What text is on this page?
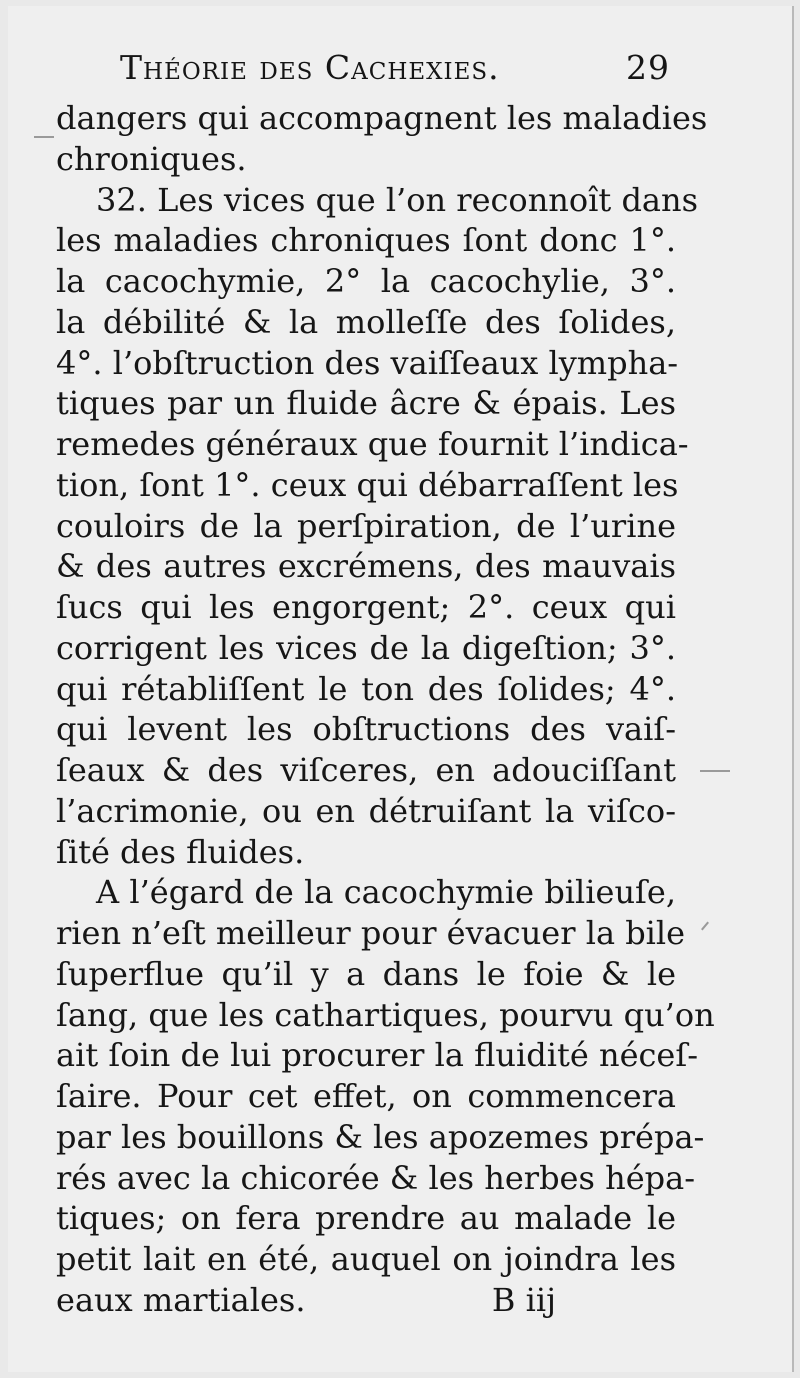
Théorie des Cachexies.	29
dangers qui accompagnent les maladies
chroniques.
32. Les vices que l’on reconnoît dans
les maladies chroniques ſont donc 1°.
la cacochymie, 2° la cacochylie, 3°.
la débilité & la molleſſe des ſolides,
4°. l’obſtruction des vaiſſeaux lympha-
tiques par un fluide âcre & épais. Les
remedes généraux que fournit l’indica-
tion, ſont 1°. ceux qui débarraſſent les
couloirs de la perſpiration, de l’urine
& des autres excrémens, des mauvais
ſucs qui les engorgent; 2°. ceux qui
corrigent les vices de la digeſtion; 3°.
qui rétabliſſent le ton des ſolides; 4°.
qui levent les obſtructions des vaiſ-
ſeaux & des viſceres, en adouciſſant
l’acrimonie, ou en détruiſant la viſco-
ſité des fluides.
A l’égard de la cacochymie bilieuſe,
rien n’eſt meilleur pour évacuer la bile
ſuperflue qu’il y a dans le foie & le
ſang, que les cathartiques, pourvu qu’on
ait ſoin de lui procurer la fluidité néceſ-
ſaire. Pour cet effet, on commencera
par les bouillons & les apozemes prépa-
rés avec la chicorée & les herbes hépa-
tiques; on fera prendre au malade le
petit lait en été, auquel on joindra les
eaux martiales.	B iij
